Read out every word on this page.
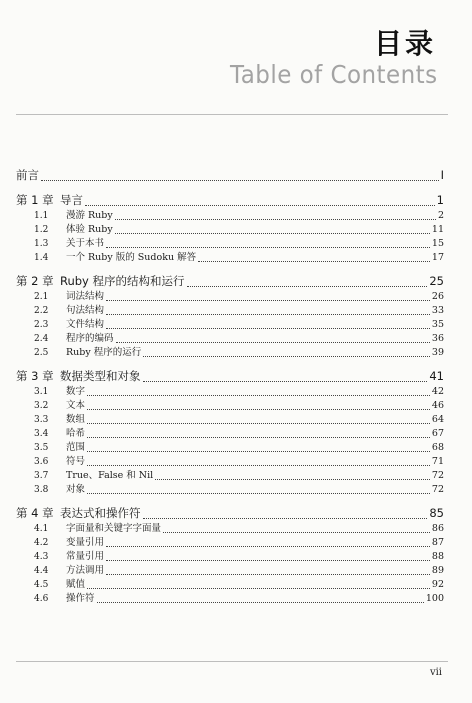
目录
Table of Contents
前言	I
第 1 章 导言	1
1.1	漫游 Ruby	2
1.2	体验 Ruby	11
1.3	关于本书	15
1.4	一个 Ruby 版的 Sudoku 解答	17
第 2 章 Ruby 程序的结构和运行	25
2.1	词法结构	26
2.2	句法结构	33
2.3	文件结构	35
2.4	程序的编码	36
2.5	Ruby 程序的运行	39
第 3 章 数据类型和对象	41
3.1	数字	42
3.2	文本	46
3.3	数组	64
3.4	哈希	67
3.5	范围	68
3.6	符号	71
3.7	True、False 和 Nil	72
3.8	对象	72
第 4 章 表达式和操作符	85
4.1	字面量和关键字字面量	86
4.2	变量引用	87
4.3	常量引用	88
4.4	方法调用	89
4.5	赋值	92
4.6	操作符	100
vii
